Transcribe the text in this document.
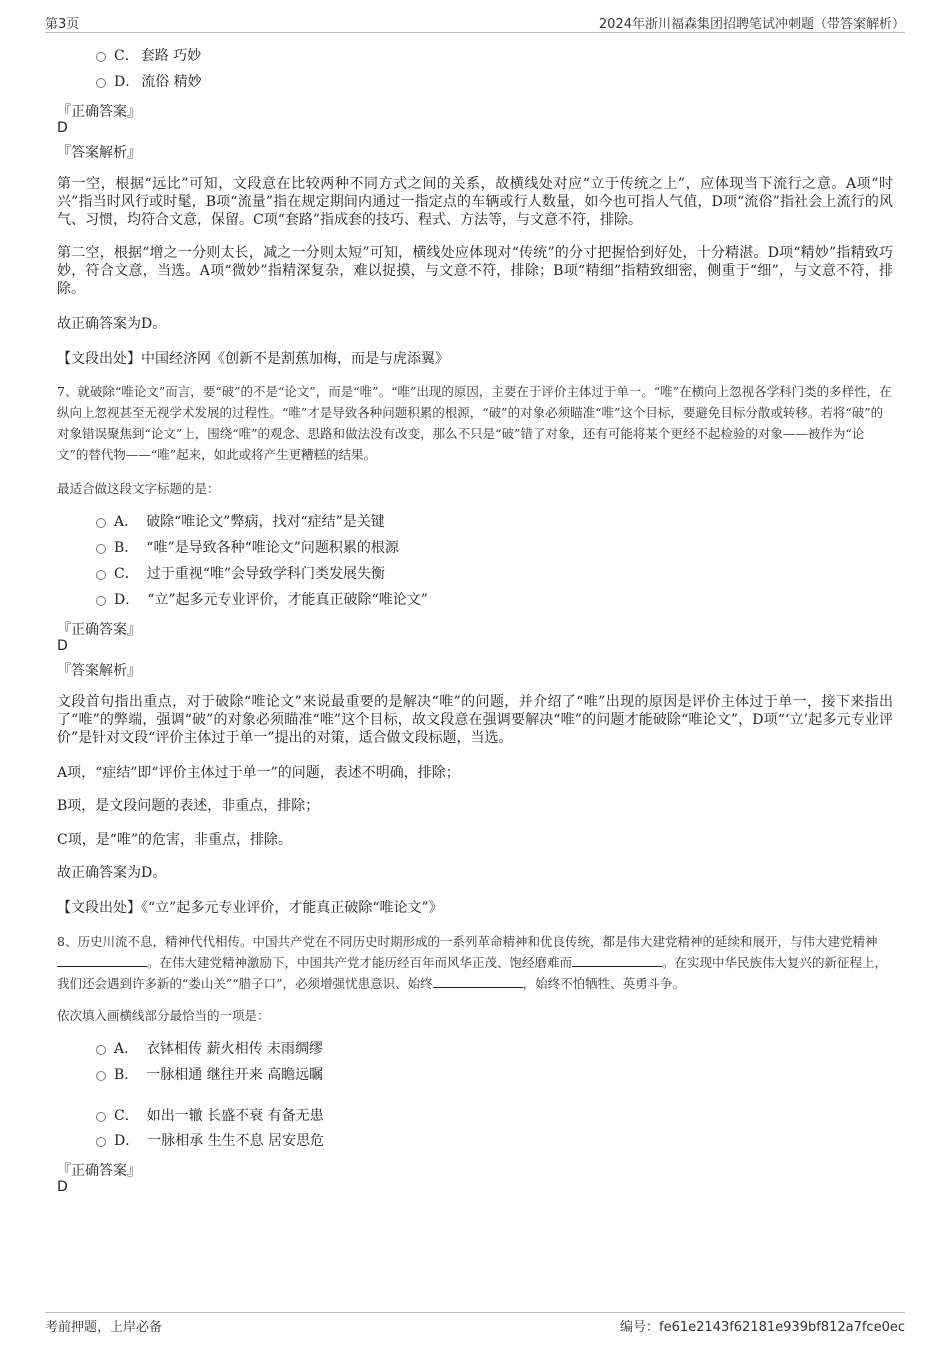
第3页	2024年浙川福森集团招聘笔试冲刺题（带答案解析）
C． 套路 巧妙
D． 流俗 精妙
『正确答案』
D
『答案解析』
第一空，根据“远比”可知，文段意在比较两种不同方式之间的关系，故横线处对应“立于传统之上”，应体现当下流行之意。A项“时兴”指当时风行或时髦，B项“流量”指在规定期间内通过一指定点的车辆或行人数量，如今也可指人气值，D项“流俗”指社会上流行的风气、习惯，均符合文意，保留。C项“套路”指成套的技巧、程式、方法等，与文意不符，排除。
第二空，根据“增之一分则太长，减之一分则太短”可知，横线处应体现对“传统”的分寸把握恰到好处，十分精湛。D项“精妙”指精致巧妙，符合文意，当选。A项“微妙”指精深复杂，难以捉摸，与文意不符，排除；B项“精细”指精致细密，侧重于“细”，与文意不符，排除。
故正确答案为D。
【文段出处】中国经济网《创新不是割蕉加梅，而是与虎添翼》
7、就破除“唯论文”而言，要“破”的不是“论文”，而是“唯”。“唯”出现的原因，主要在于评价主体过于单一。“唯”在横向上忽视各学科门类的多样性，在纵向上忽视甚至无视学术发展的过程性。“唯”才是导致各种问题积累的根源，“破”的对象必须瞄准“唯”这个目标，要避免目标分散或转移。若将“破”的对象错误聚焦到“论文”上，围绕“唯”的观念、思路和做法没有改变，那么不只是“破”错了对象，还有可能将某个更经不起检验的对象——被作为“论文”的替代物——“唯”起来，如此或将产生更糟糕的结果。
最适合做这段文字标题的是：
A． 破除“唯论文”弊病，找对“症结”是关键
B． “唯”是导致各种“唯论文”问题积累的根源
C． 过于重视“唯”会导致学科门类发展失衡
D． “立”起多元专业评价，才能真正破除“唯论文”
『正确答案』
D
『答案解析』
文段首句指出重点，对于破除“唯论文”来说最重要的是解决“唯”的问题，并介绍了“唯”出现的原因是评价主体过于单一，接下来指出了“唯”的弊端，强调“破”的对象必须瞄准“唯”这个目标，故文段意在强调要解决“唯”的问题才能破除“唯论文”，D项“‘立’起多元专业评价”是针对文段“评价主体过于单一”提出的对策，适合做文段标题，当选。
A项，“症结”即“评价主体过于单一”的问题，表述不明确，排除；
B项，是文段问题的表述，非重点，排除；
C项，是“唯”的危害，非重点，排除。
故正确答案为D。
【文段出处】《“立”起多元专业评价，才能真正破除“唯论文”》
8、历史川流不息，精神代代相传。中国共产党在不同历史时期形成的一系列革命精神和优良传统，都是伟大建党精神的延续和展开，与伟大建党精神。在伟大建党精神激励下，中国共产党才能历经百年而风华正茂、饱经磨难而	。在实现中华民族伟大复兴的新征程上，我们还会遇到许多新的“娄山关”“腊子口”，必须增强忧患意识、始终	，始终不怕牺牲、英勇斗争。
依次填入画横线部分最恰当的一项是：
A． 衣钵相传 薪火相传 未雨绸缪
B． 一脉相通 继往开来 高瞻远瞩
C． 如出一辙 长盛不衰 有备无患
D． 一脉相承 生生不息 居安思危
『正确答案』
D
考前押题，上岸必备	编号：fe61e2143f62181e939bf812a7fce0ec
